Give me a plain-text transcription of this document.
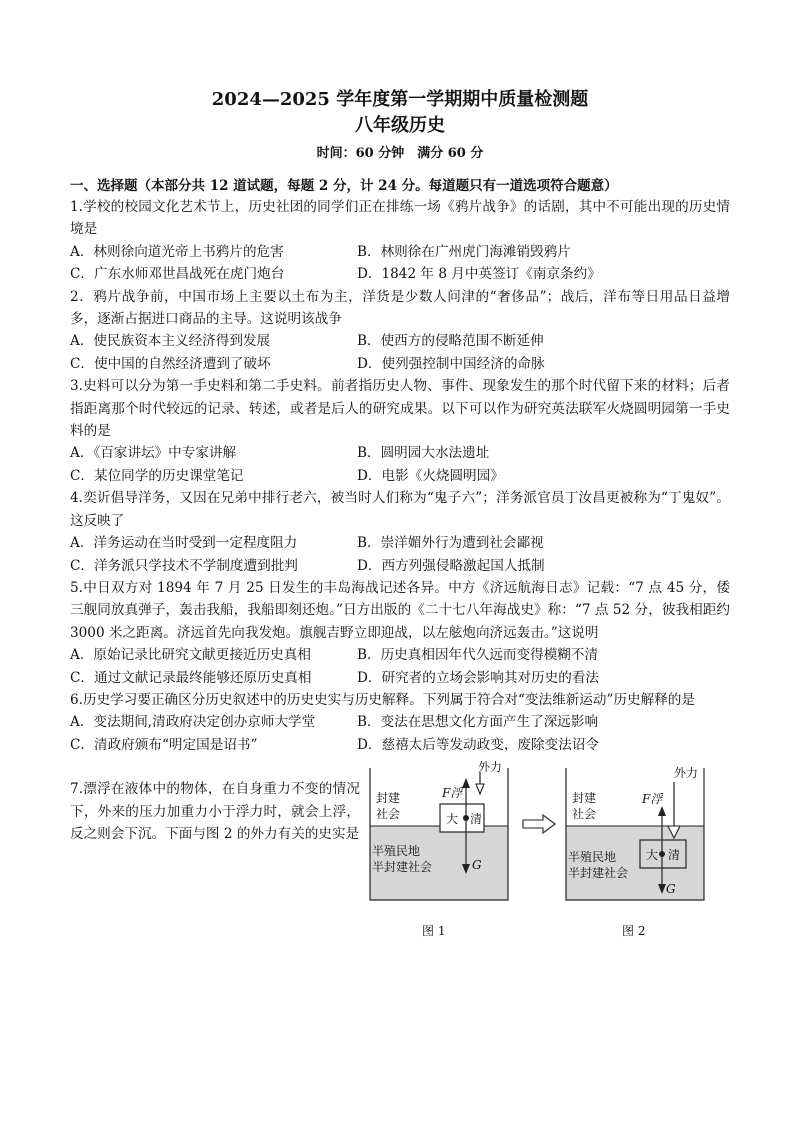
2024—2025 学年度第一学期期中质量检测题
八年级历史
时间：60 分钟　满分 60 分
一、选择题（本部分共 12 道试题，每题 2 分，计 24 分。每道题只有一道选项符合题意）
1.学校的校园文化艺术节上，历史社团的同学们正在排练一场《鸦片战争》的话剧，其中不可能出现的历史情境是
A．林则徐向道光帝上书鸦片的危害	B．林则徐在广州虎门海滩销毁鸦片
C．广东水师邓世昌战死在虎门炮台	D．1842 年 8 月中英签订《南京条约》
2．鸦片战争前，中国市场上主要以土布为主，洋货是少数人问津的“奢侈品”；战后，洋布等日用品日益增多，逐渐占据进口商品的主导。这说明该战争
A．使民族资本主义经济得到发展	B．使西方的侵略范围不断延伸
C．使中国的自然经济遭到了破坏	D．使列强控制中国经济的命脉
3.史料可以分为第一手史料和第二手史料。前者指历史人物、事件、现象发生的那个时代留下来的材料；后者指距离那个时代较远的记录、转述，或者是后人的研究成果。以下可以作为研究英法联军火烧圆明园第一手史料的是
A．《百家讲坛》中专家讲解	B．圆明园大水法遗址
C．某位同学的历史课堂笔记	D．电影《火烧圆明园》
4.奕䜣倡导洋务，又因在兄弟中排行老六，被当时人们称为“鬼子六”；洋务派官员丁汝昌更被称为“丁鬼奴”。这反映了
A．洋务运动在当时受到一定程度阻力	B．崇洋媚外行为遭到社会鄙视
C．洋务派只学技术不学制度遭到批判	D．西方列强侵略激起国人抵制
5.中日双方对 1894 年 7 月 25 日发生的丰岛海战记述各异。中方《济远航海日志》记载：“7 点 45 分，倭三舰同放真弹子，轰击我船，我船即刻还炮。”日方出版的《二十七八年海战史》称：“7 点 52 分，彼我相距约 3000 米之距离。济远首先向我发炮。旗舰吉野立即迎战，以左舷炮向济远轰击。”这说明
A．原始记录比研究文献更接近历史真相	B．历史真相因年代久远而变得模糊不清
C．通过文献记录最终能够还原历史真相	D．研究者的立场会影响其对历史的看法
6.历史学习要正确区分历史叙述中的历史史实与历史解释。下列属于符合对“变法维新运动”历史解释的是
A．变法期间,清政府决定创办京师大学堂	B．变法在思想文化方面产生了深远影响
C．清政府颁布“明定国是诏书”	D．慈禧太后等发动政变，废除变法诏令
7.漂浮在液体中的物体，在自身重力不变的情况下，外来的压力加重力小于浮力时，就会上浮，反之则会下沉。下面与图 2 的外力有关的史实是
封建社会
半殖民地
半封建社会
大 清
F浮
G
外力
图 1
封建社会
半殖民地
半封建社会
大 清
F浮
G
外力
图 2
